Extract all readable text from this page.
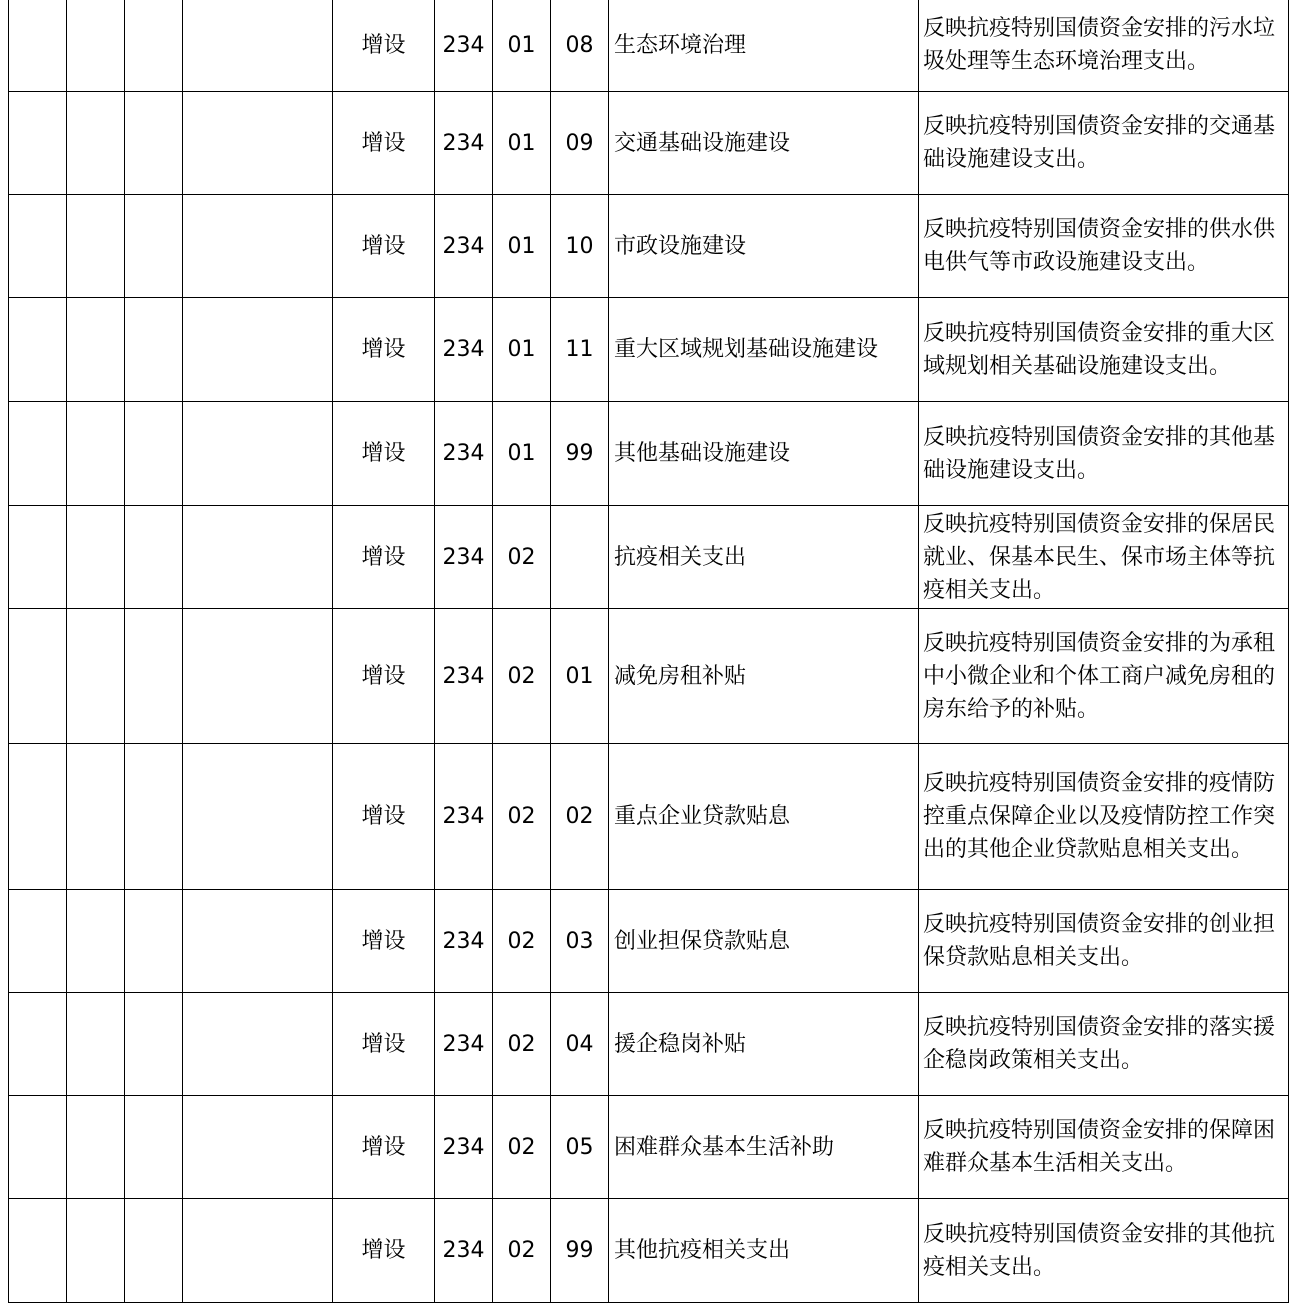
				增设	234	01	08	生态环境治理	反映抗疫特别国债资金安排的污水垃圾处理等生态环境治理支出。
				增设	234	01	09	交通基础设施建设	反映抗疫特别国债资金安排的交通基础设施建设支出。
				增设	234	01	10	市政设施建设	反映抗疫特别国债资金安排的供水供电供气等市政设施建设支出。
				增设	234	01	11	重大区域规划基础设施建设	反映抗疫特别国债资金安排的重大区域规划相关基础设施建设支出。
				增设	234	01	99	其他基础设施建设	反映抗疫特别国债资金安排的其他基础设施建设支出。
				增设	234	02		抗疫相关支出	反映抗疫特别国债资金安排的保居民就业、保基本民生、保市场主体等抗疫相关支出。
				增设	234	02	01	减免房租补贴	反映抗疫特别国债资金安排的为承租中小微企业和个体工商户减免房租的房东给予的补贴。
				增设	234	02	02	重点企业贷款贴息	反映抗疫特别国债资金安排的疫情防控重点保障企业以及疫情防控工作突出的其他企业贷款贴息相关支出。
				增设	234	02	03	创业担保贷款贴息	反映抗疫特别国债资金安排的创业担保贷款贴息相关支出。
				增设	234	02	04	援企稳岗补贴	反映抗疫特别国债资金安排的落实援企稳岗政策相关支出。
				增设	234	02	05	困难群众基本生活补助	反映抗疫特别国债资金安排的保障困难群众基本生活相关支出。
				增设	234	02	99	其他抗疫相关支出	反映抗疫特别国债资金安排的其他抗疫相关支出。
